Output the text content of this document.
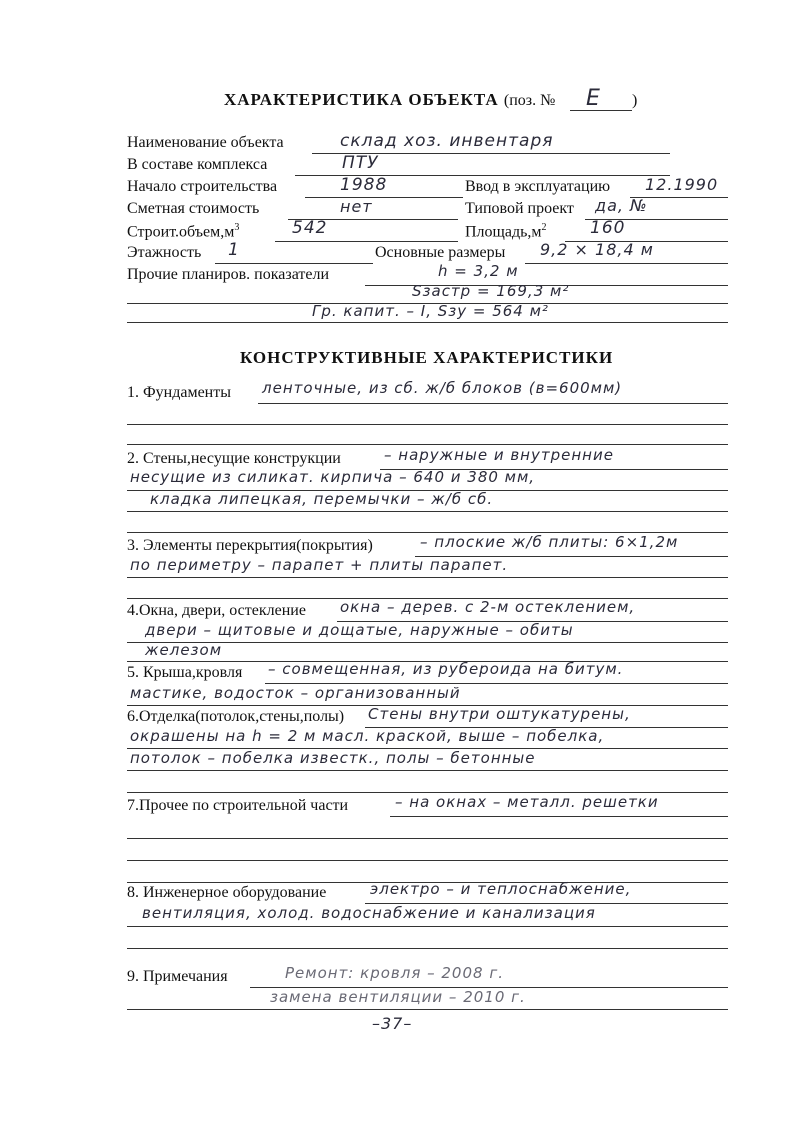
ХАРАКТЕРИСТИКА ОБЪЕКТА (поз. № Е )
Наименование объекта	склад хоз. инвентаря
В составе комплекса	ПТУ
Начало строительства	1988	Ввод в эксплуатацию 12.1990
Сметная стоимость	нет	Типовой проект да, №
$Строит.объем,м^3$	542	$Площадь,м^2$	160
Этажность 1	Основные размеры 9,2 × 18,4 м
Прочие планиров. показатели	h = 3,2 м
Sзастр = 169,3 м²
Гр. капит. – I, Sзу = 564 м²
КОНСТРУКТИВНЫЕ ХАРАКТЕРИСТИКИ
1. Фундаменты ленточные, из сб. ж/б блоков (в=600мм)
2. Стены,несущие конструкции	– наружные и внутренние
несущие из силикат. кирпича – 640 и 380 мм,
кладка липецкая, перемычки – ж/б сб.
3. Элементы перекрытия(покрытия)	– плоские ж/б плиты: 6×1,2м
по периметру – парапет + плиты парапет.
4.Окна, двери, остекление окна – дерев. с 2-м остеклением,
двери – щитовые и дощатые, наружные – обиты
железом
5. Крыша,кровля – совмещенная, из рубероида на битум.
мастике, водосток – организованный
6.Отделка(потолок,стены,полы) Стены внутри оштукатурены,
окрашены на h = 2 м масл. краской, выше – побелка,
потолок – побелка известк., полы – бетонные
7.Прочее по строительной части	– на окнах – металл. решетки
8. Инженерное оборудование	электро – и теплоснабжение,
вентиляция, холод. водоснабжение и канализация
9. Примечания	Ремонт: кровля – 2008 г.
замена вентиляции – 2010 г.
–37–
